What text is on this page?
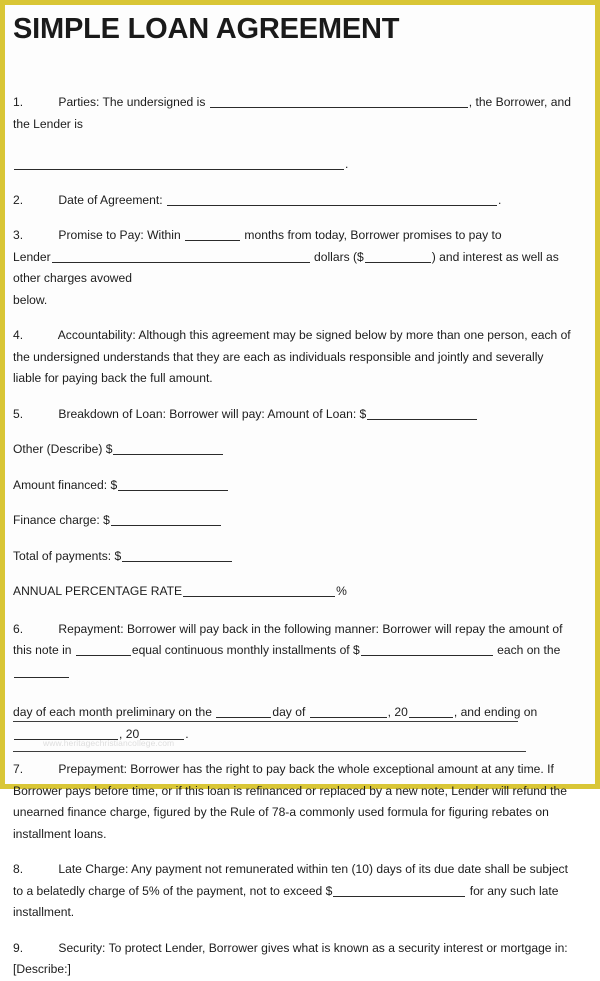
SIMPLE LOAN AGREEMENT
1.	Parties: The undersigned is	, the Borrower, and the Lender is
.
2.	Date of Agreement:	.
3.	Promise to Pay: Within	months from today, Borrower promises to pay to
Lender	dollars ($	) and interest as well as other charges avowed
below.
4.	Accountability: Although this agreement may be signed below by more than one person, each of
the undersigned understands that they are each as individuals responsible and jointly and severally
liable for paying back the full amount.
5.	Breakdown of Loan: Borrower will pay: Amount of Loan: $
Other (Describe) $
Amount financed: $
Finance charge: $
Total of payments: $
ANNUAL PERCENTAGE RATE	%
6.	Repayment: Borrower will pay back in the following manner: Borrower will repay the amount of
this note in	equal continuous monthly installments of $	each on the
day of each month preliminary on the	day of	, 20	, and ending on , 20	.
7.	Prepayment: Borrower has the right to pay back the whole exceptional amount at any time. If
Borrower pays before time, or if this loan is refinanced or replaced by a new note, Lender will refund the
unearned finance charge, figured by the Rule of 78-a commonly used formula for figuring rebates on
installment loans.
8.	Late Charge: Any payment not remunerated within ten (10) days of its due date shall be subject
to a belatedly charge of 5% of the payment, not to exceed $	for any such late installment.
9.	Security: To protect Lender, Borrower gives what is known as a security interest or mortgage in:
[Describe:]
www.heritagechristiancollege.com
